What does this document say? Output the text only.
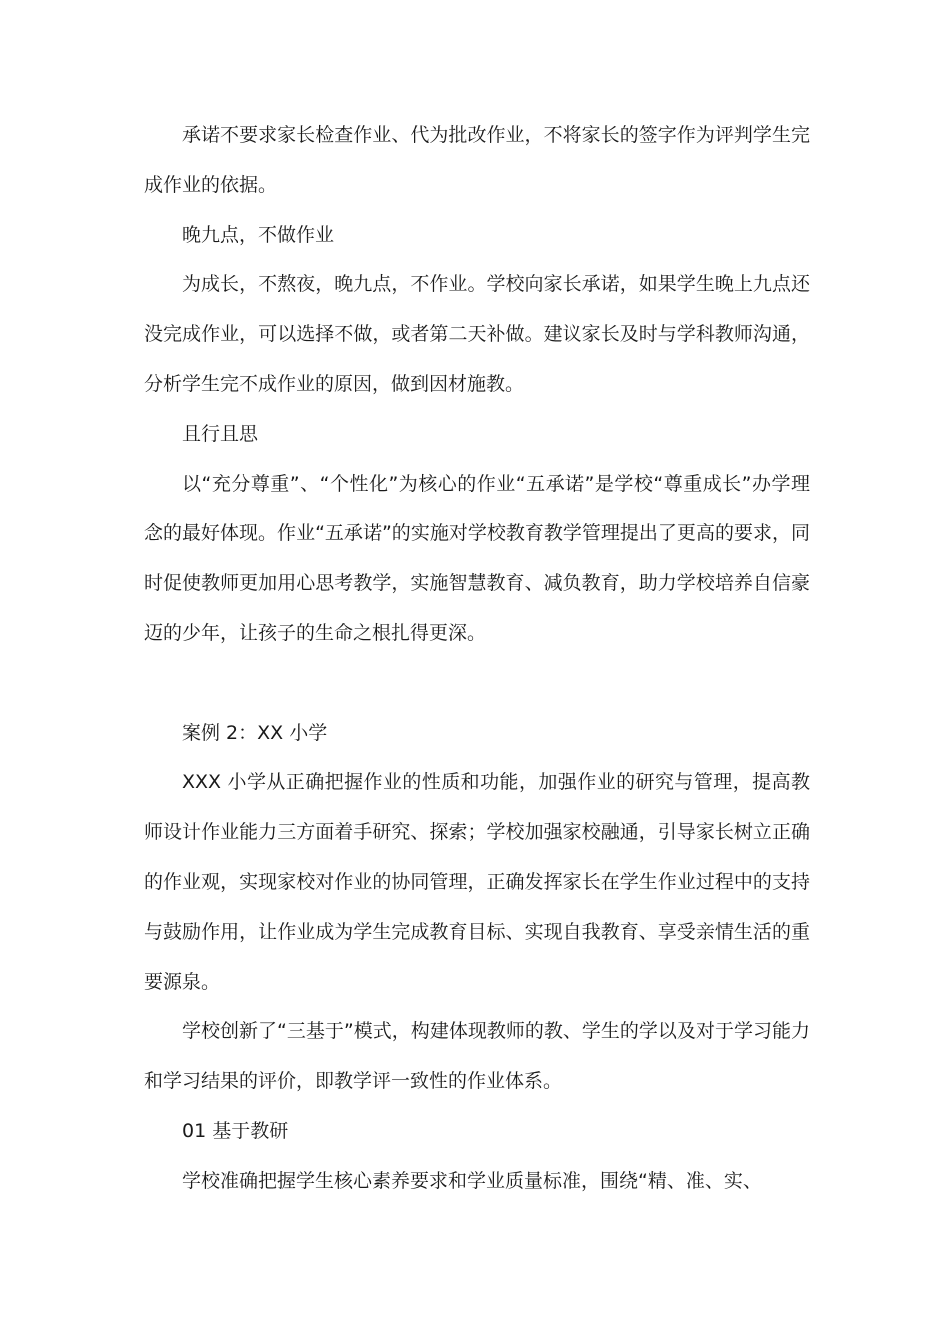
承诺不要求家长检查作业、代为批改作业，不将家长的签字作为评判学生完成作业的依据。

晚九点，不做作业

为成长，不熬夜，晚九点，不作业。学校向家长承诺，如果学生晚上九点还没完成作业，可以选择不做，或者第二天补做。建议家长及时与学科教师沟通，分析学生完不成作业的原因，做到因材施教。

且行且思

以“充分尊重”、“个性化”为核心的作业“五承诺”是学校“尊重成长”办学理念的最好体现。作业“五承诺”的实施对学校教育教学管理提出了更高的要求，同时促使教师更加用心思考教学，实施智慧教育、减负教育，助力学校培养自信豪迈的少年，让孩子的生命之根扎得更深。

案例 2：XX 小学

XXX 小学从正确把握作业的性质和功能，加强作业的研究与管理，提高教师设计作业能力三方面着手研究、探索；学校加强家校融通，引导家长树立正确的作业观，实现家校对作业的协同管理，正确发挥家长在学生作业过程中的支持与鼓励作用，让作业成为学生完成教育目标、实现自我教育、享受亲情生活的重要源泉。

学校创新了“三基于”模式，构建体现教师的教、学生的学以及对于学习能力和学习结果的评价，即教学评一致性的作业体系。

01 基于教研

学校准确把握学生核心素养要求和学业质量标准，围绕“精、准、实、
